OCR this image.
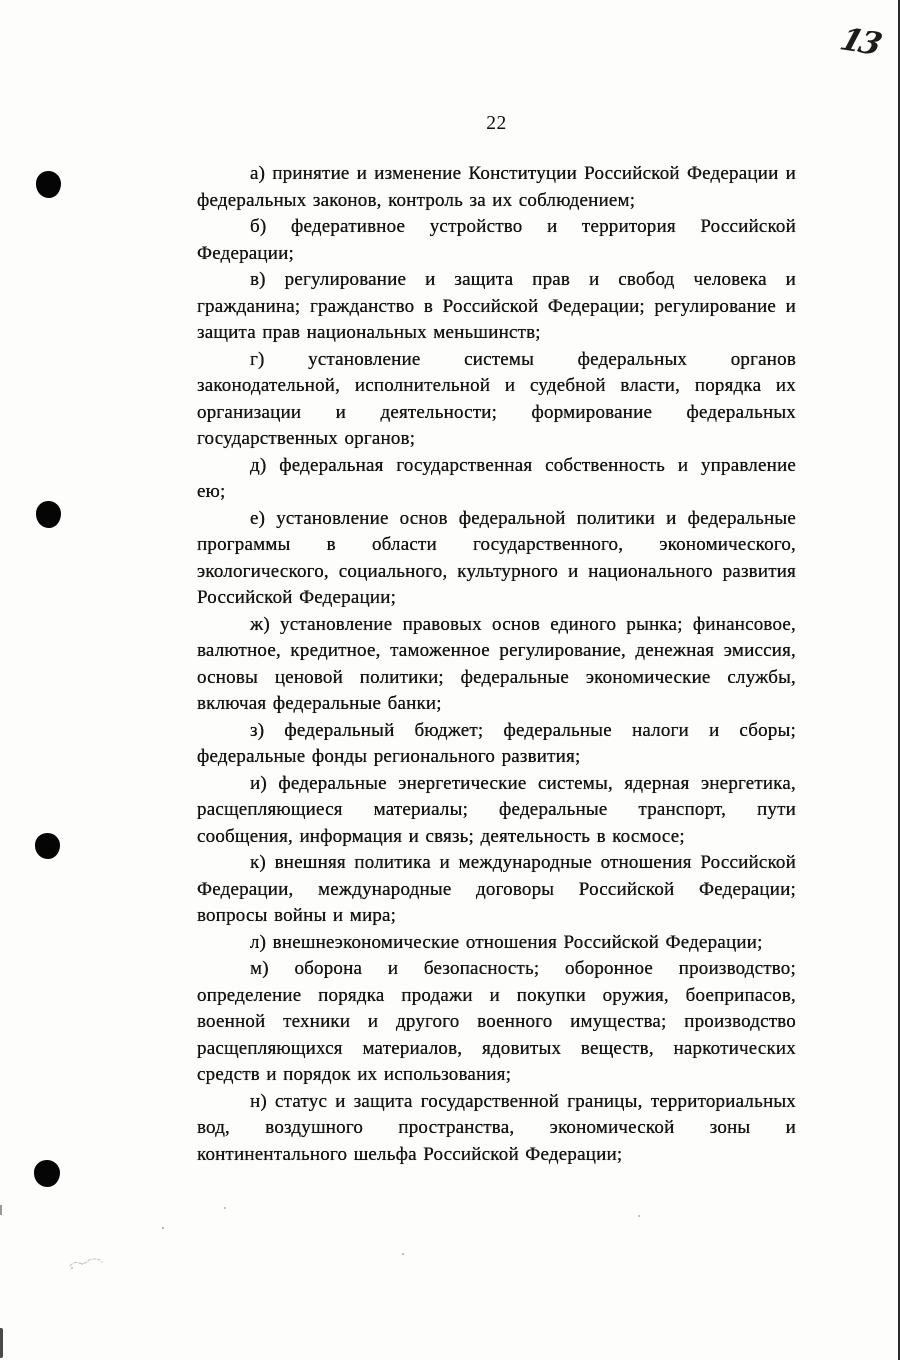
13
22

а) принятие и изменение Конституции Российской Федерации и федеральных законов, контроль за их соблюдением;

б) федеративное устройство и территория Российской Федерации;

в) регулирование и защита прав и свобод человека и гражданина; гражданство в Российской Федерации; регулирование и защита прав национальных меньшинств;

г) установление системы федеральных органов законодательной, исполнительной и судебной власти, порядка их организации и деятельности; формирование федеральных государственных органов;

д) федеральная государственная собственность и управление ею;

е) установление основ федеральной политики и федеральные программы в области государственного, экономического, экологического, социального, культурного и национального развития Российской Федерации;

ж) установление правовых основ единого рынка; финансовое, валютное, кредитное, таможенное регулирование, денежная эмиссия, основы ценовой политики; федеральные экономические службы, включая федеральные банки;

з) федеральный бюджет; федеральные налоги и сборы; федеральные фонды регионального развития;

и) федеральные энергетические системы, ядерная энергетика, расщепляющиеся материалы; федеральные транспорт, пути сообщения, информация и связь; деятельность в космосе;

к) внешняя политика и международные отношения Российской Федерации, международные договоры Российской Федерации; вопросы войны и мира;

л) внешнеэкономические отношения Российской Федерации;

м) оборона и безопасность; оборонное производство; определение порядка продажи и покупки оружия, боеприпасов, военной техники и другого военного имущества; производство расщепляющихся материалов, ядовитых веществ, наркотических средств и порядок их использования;

н) статус и защита государственной границы, территориальных вод, воздушного пространства, экономической зоны и континентального шельфа Российской Федерации;
